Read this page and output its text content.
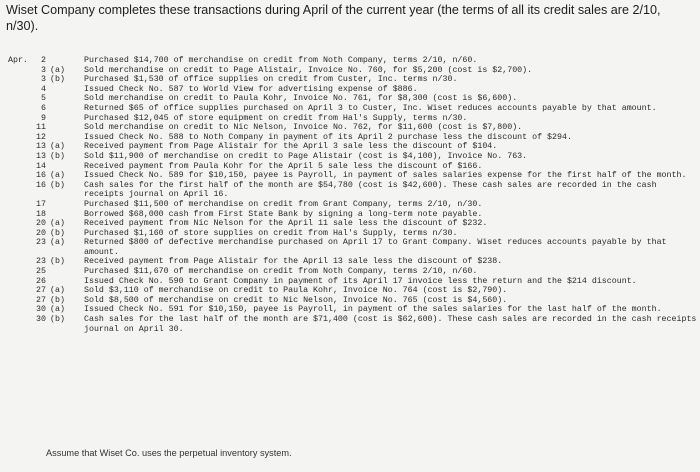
Wiset Company completes these transactions during April of the current year (the terms of all its credit sales are 2/10, n/30).
Apr.	2	Purchased $14,700 of merchandise on credit from Noth Company, terms 2/10, n/60.
3 (a)	Sold merchandise on credit to Page Alistair, Invoice No. 760, for $5,200 (cost is $2,700).
3 (b)	Purchased $1,530 of office supplies on credit from Custer, Inc. terms n/30.
4	Issued Check No. 587 to World View for advertising expense of $886.
5	Sold merchandise on credit to Paula Kohr, Invoice No. 761, for $8,300 (cost is $6,600).
6	Returned $65 of office supplies purchased on April 3 to Custer, Inc. Wiset reduces accounts payable by that amount.
9	Purchased $12,045 of store equipment on credit from Hal's Supply, terms n/30.
11	Sold merchandise on credit to Nic Nelson, Invoice No. 762, for $11,600 (cost is $7,800).
12	Issued Check No. 588 to Noth Company in payment of its April 2 purchase less the discount of $294.
13 (a)	Received payment from Page Alistair for the April 3 sale less the discount of $104.
13 (b)	Sold $11,900 of merchandise on credit to Page Alistair (cost is $4,100), Invoice No. 763.
14	Received payment from Paula Kohr for the April 5 sale less the discount of $166.
16 (a)	Issued Check No. 589 for $10,150, payee is Payroll, in payment of sales salaries expense for the first half of the month.
16 (b)	Cash sales for the first half of the month are $54,780 (cost is $42,600). These cash sales are recorded in the cash receipts journal on April 16.
17	Purchased $11,500 of merchandise on credit from Grant Company, terms 2/10, n/30.
18	Borrowed $68,000 cash from First State Bank by signing a long-term note payable.
20 (a)	Received payment from Nic Nelson for the April 11 sale less the discount of $232.
20 (b)	Purchased $1,160 of store supplies on credit from Hal's Supply, terms n/30.
23 (a)	Returned $800 of defective merchandise purchased on April 17 to Grant Company. Wiset reduces accounts payable by that amount.
23 (b)	Received payment from Page Alistair for the April 13 sale less the discount of $238.
25	Purchased $11,670 of merchandise on credit from Noth Company, terms 2/10, n/60.
26	Issued Check No. 590 to Grant Company in payment of its April 17 invoice less the return and the $214 discount.
27 (a)	Sold $3,110 of merchandise on credit to Paula Kohr, Invoice No. 764 (cost is $2,790).
27 (b)	Sold $8,500 of merchandise on credit to Nic Nelson, Invoice No. 765 (cost is $4,560).
30 (a)	Issued Check No. 591 for $10,150, payee is Payroll, in payment of the sales salaries for the last half of the month.
30 (b)	Cash sales for the last half of the month are $71,400 (cost is $62,600). These cash sales are recorded in the cash receipts journal on April 30.
Assume that Wiset Co. uses the perpetual inventory system.
